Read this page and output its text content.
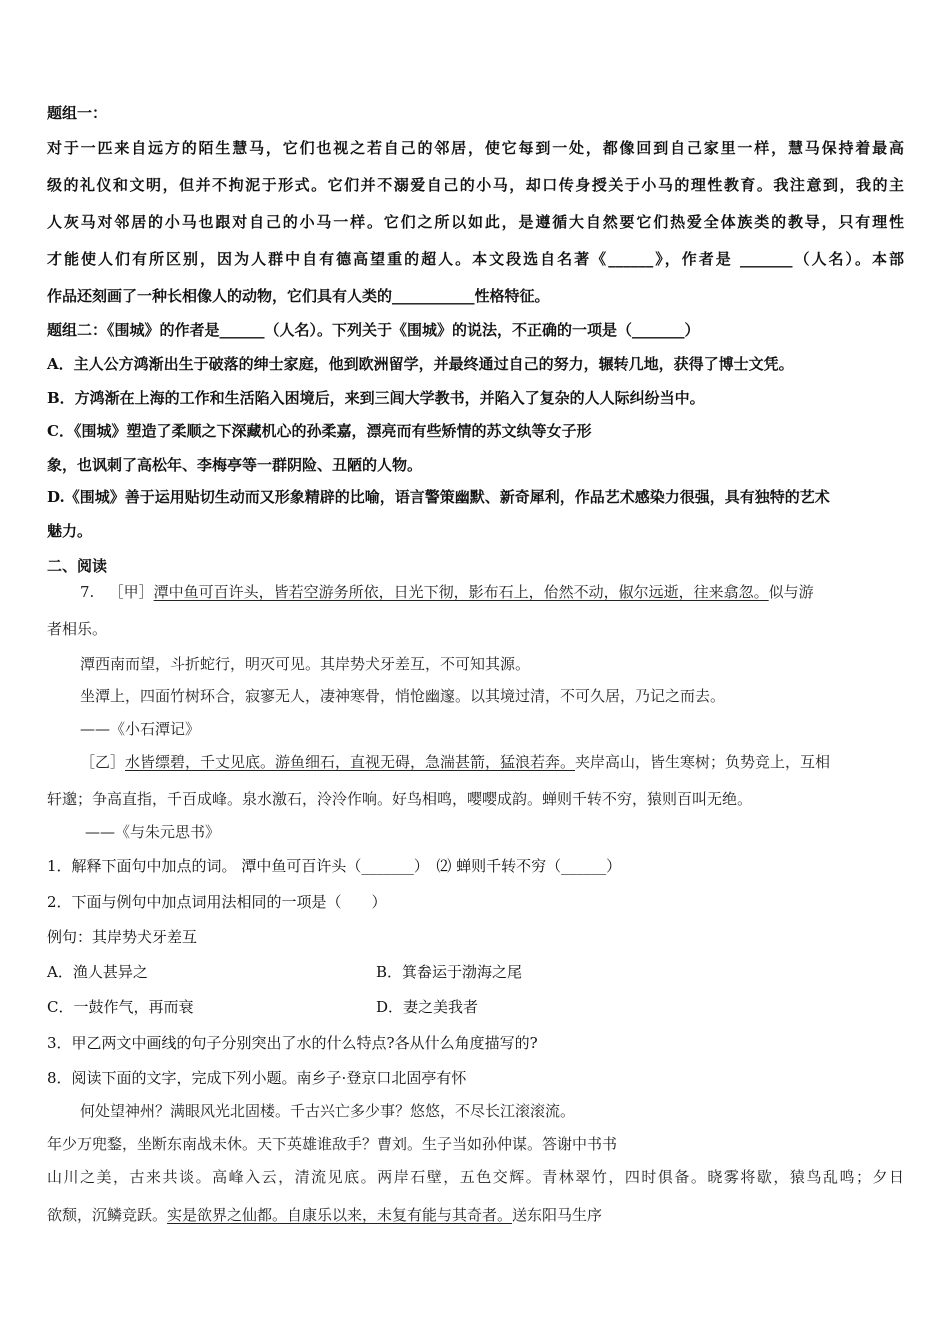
题组一：
对于一匹来自远方的陌生慧马，它们也视之若自己的邻居，使它每到一处，都像回到自己家里一样，慧马保持着最高
级的礼仪和文明，但并不拘泥于形式。它们并不溺爱自己的小马，却口传身授关于小马的理性教育。我注意到，我的主
人灰马对邻居的小马也跟对自己的小马一样。它们之所以如此，是遵循大自然要它们热爱全体族类的教导，只有理性
才能使人们有所区别，因为人群中自有德高望重的超人。本文段选自名著《______》，作者是 _______（人名）。本部
作品还刻画了一种长相像人的动物，它们具有人类的___________性格特征。
题组二：《围城》的作者是______（人名）。下列关于《围城》的说法，不正确的一项是（_______）
A．主人公方鸿渐出生于破落的绅士家庭，他到欧洲留学，并最终通过自己的努力，辗转几地，获得了博士文凭。
B．方鸿渐在上海的工作和生活陷入困境后，来到三闾大学教书，并陷入了复杂的人人际纠纷当中。
C．《围城》塑造了柔顺之下深藏机心的孙柔嘉，漂亮而有些矫情的苏文纨等女子形
象，也讽刺了高松年、李梅亭等一群阴险、丑陋的人物。
D.《围城》善于运用贴切生动而又形象精辟的比喻，语言警策幽默、新奇犀利，作品艺术感染力很强，具有独特的艺术
魅力。
二、阅读
7. ［甲］潭中鱼可百许头，皆若空游务所依，日光下彻，影布石上，佁然不动，俶尔远逝，往来翕忽。似与游
者相乐。
潭西南而望，斗折蛇行，明灭可见。其岸势犬牙差互，不可知其源。
坐潭上，四面竹树环合，寂寥无人，凄神寒骨，悄怆幽邃。以其境过清，不可久居，乃记之而去。
——《小石潭记》
［乙］水皆缥碧，千丈见底。游鱼细石，直视无碍，急湍甚箭，猛浪若奔。夹岸高山，皆生寒树；负势竞上，互相
轩邈；争高直指，千百成峰。泉水激石，泠泠作响。好鸟相鸣，嘤嘤成韵。蝉则千转不穷，猿则百叫无绝。
——《与朱元思书》
1．解释下面句中加点的词。 潭中鱼可百许头（_______）　⑵ 蝉则千转不穷（______）
2．下面与例句中加点词用法相同的一项是（　　）
例句：其岸势犬牙差互
A．渔人甚异之	B．箕畚运于渤海之尾
C．一鼓作气，再而衰	D．妻之美我者
3．甲乙两文中画线的句子分别突出了水的什么特点?各从什么角度描写的?
8．阅读下面的文字，完成下列小题。南乡子·登京口北固亭有怀
何处望神州？满眼风光北固楼。千古兴亡多少事？悠悠，不尽长江滚滚流。
年少万兜鍪，坐断东南战未休。天下英雄谁敌手？曹刘。生子当如孙仲谋。答谢中书书
山川之美，古来共谈。高峰入云，清流见底。两岸石壁，五色交辉。青林翠竹，四时俱备。晓雾将歇，猿鸟乱鸣；夕日
欲颓，沉鳞竞跃。实是欲界之仙都。自康乐以来，未复有能与其奇者。送东阳马生序
